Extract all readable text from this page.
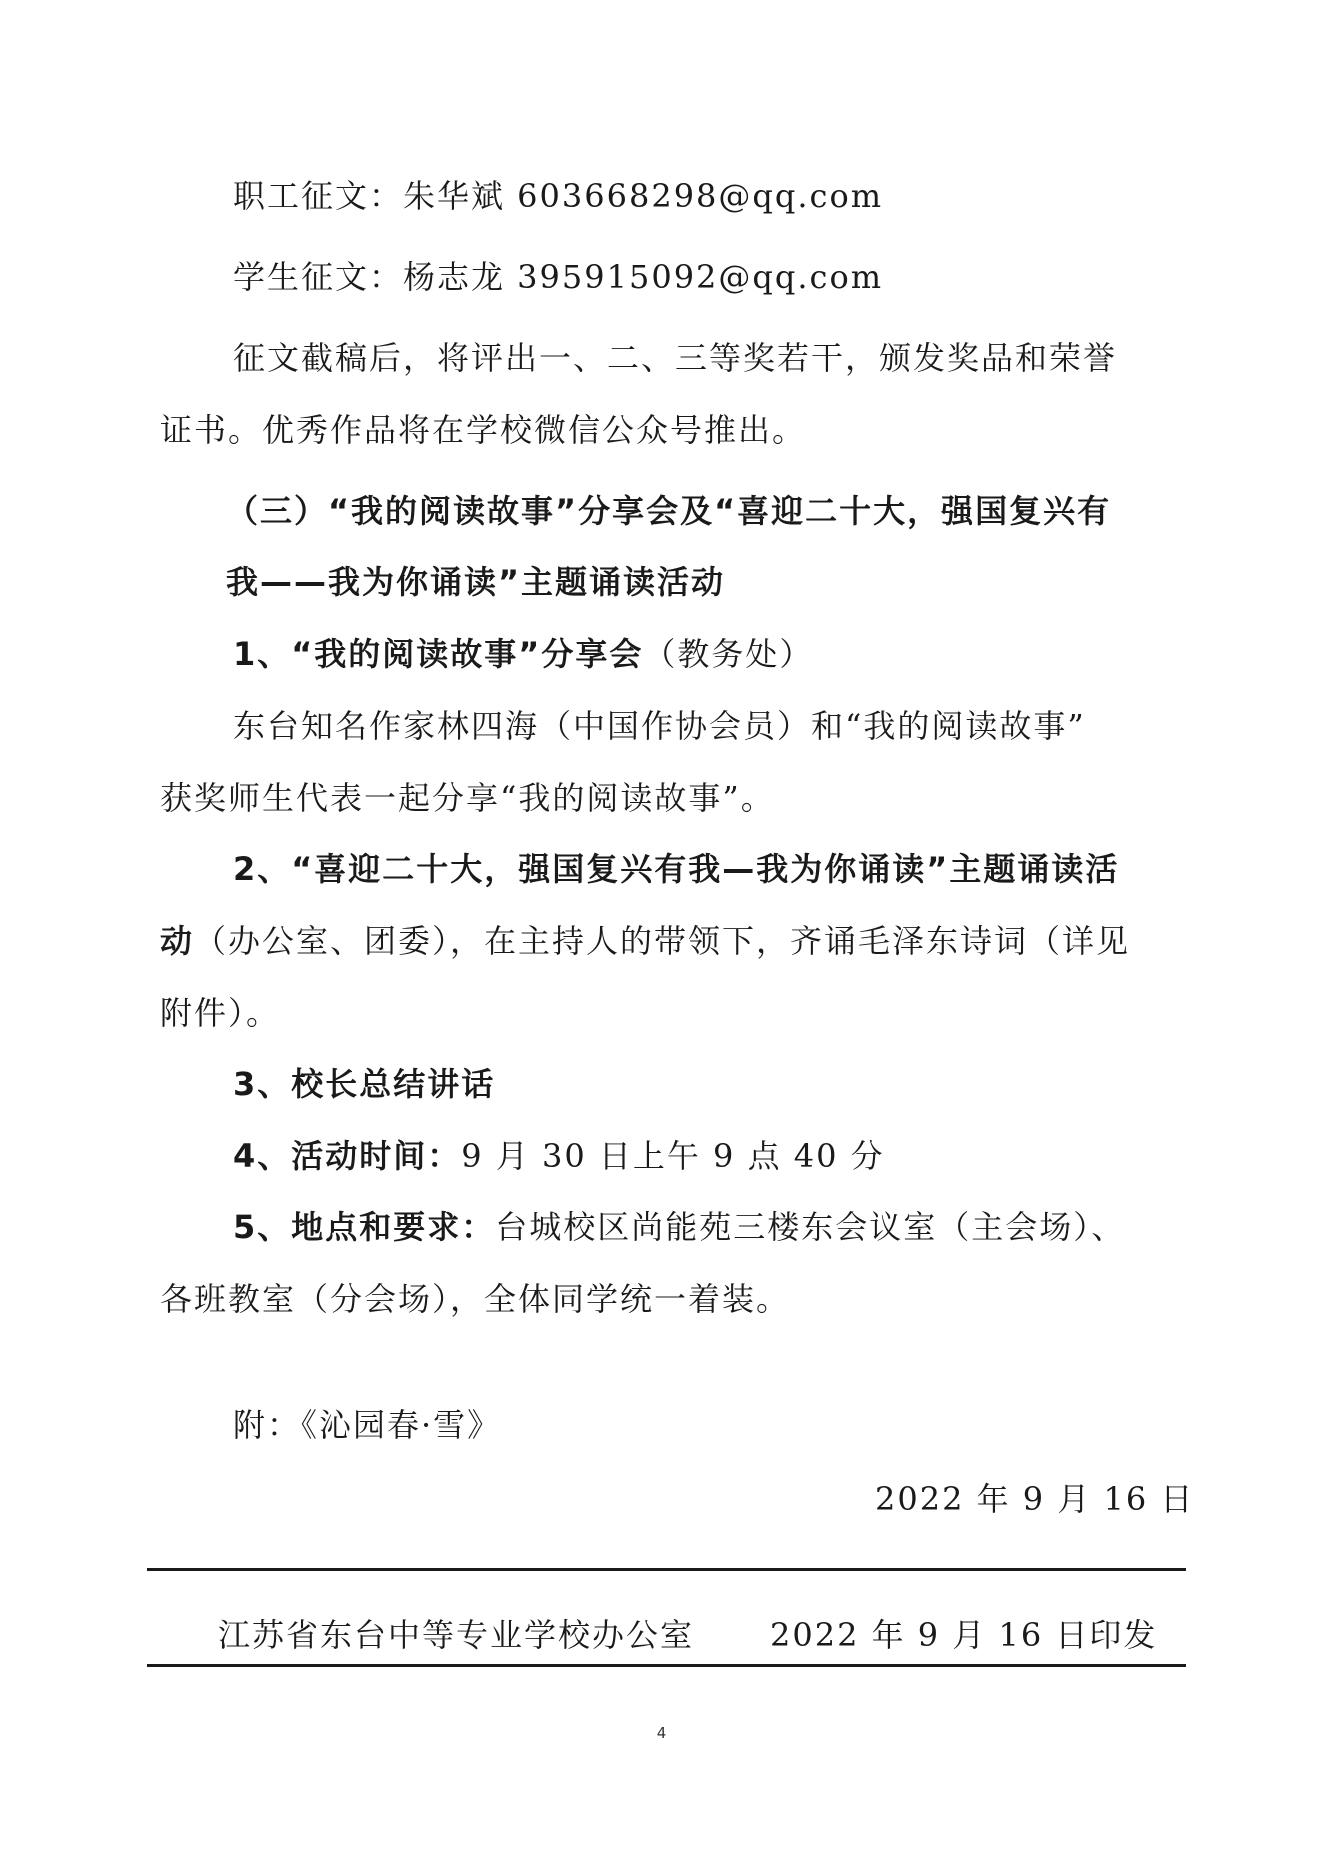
职工征文：朱华斌 603668298@qq.com
学生征文：杨志龙 395915092@qq.com
征文截稿后，将评出一、二、三等奖若干，颁发奖品和荣誉
证书。优秀作品将在学校微信公众号推出。
（三）“我的阅读故事”分享会及“喜迎二十大，强国复兴有
我——我为你诵读”主题诵读活动
1、“我的阅读故事”分享会（教务处）
东台知名作家林四海（中国作协会员）和“我的阅读故事”
获奖师生代表一起分享“我的阅读故事”。
2、“喜迎二十大，强国复兴有我—我为你诵读”主题诵读活
动（办公室、团委），在主持人的带领下，齐诵毛泽东诗词（详见
附件）。
3、校长总结讲话
4、活动时间：9 月 30 日上午 9 点 40 分
5、地点和要求：台城校区尚能苑三楼东会议室（主会场）、
各班教室（分会场），全体同学统一着装。
附：《沁园春·雪》
2022 年 9 月 16 日
江苏省东台中等专业学校办公室 2022 年 9 月 16 日印发
4
